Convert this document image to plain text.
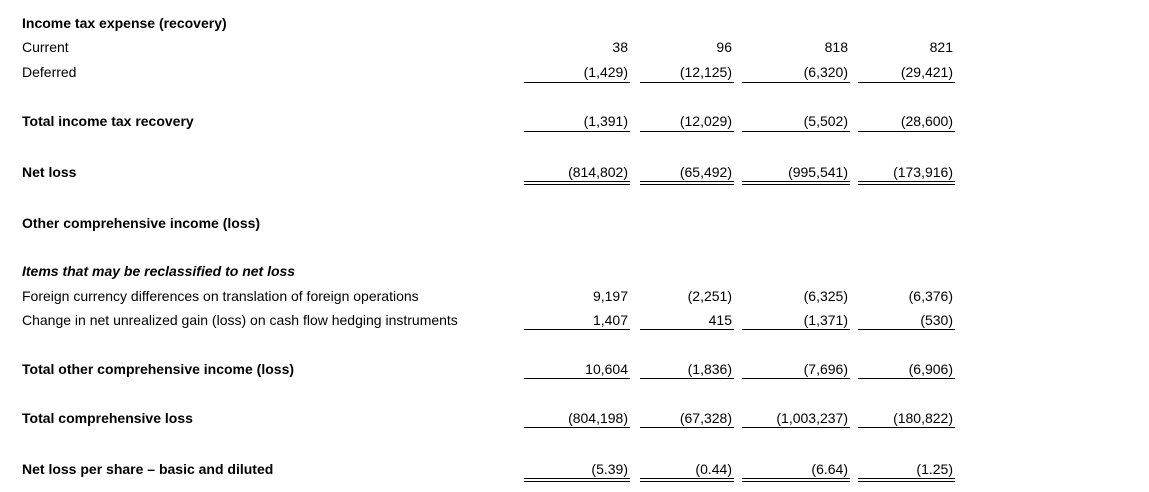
Income tax expense (recovery)
Current	38	96	818	821
Deferred	(1,429)	(12,125)	(6,320)	(29,421)
Total income tax recovery	(1,391)	(12,029)	(5,502)	(28,600)
Net loss	(814,802)	(65,492)	(995,541)	(173,916)
Other comprehensive income (loss)
Items that may be reclassified to net loss
Foreign currency differences on translation of foreign operations	9,197	(2,251)	(6,325)	(6,376)
Change in net unrealized gain (loss) on cash flow hedging instruments	1,407	415	(1,371)	(530)
Total other comprehensive income (loss)	10,604	(1,836)	(7,696)	(6,906)
Total comprehensive loss	(804,198)	(67,328)	(1,003,237)	(180,822)
Net loss per share – basic and diluted	(5.39)	(0.44)	(6.64)	(1.25)
